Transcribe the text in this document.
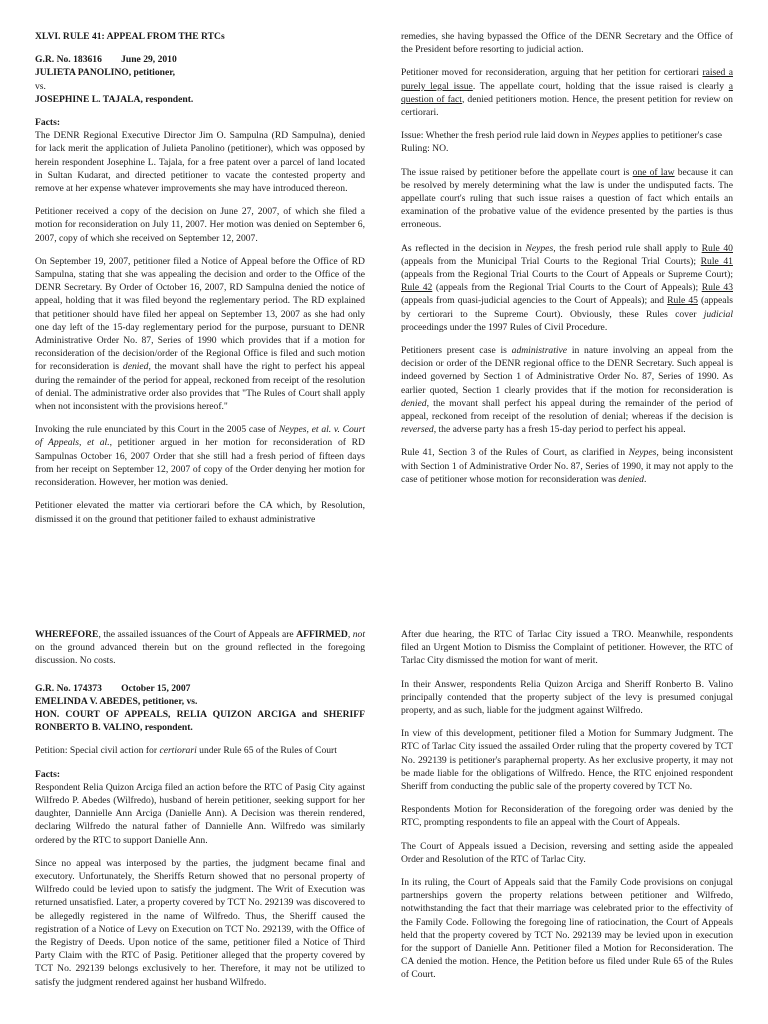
XLVI. RULE 41: APPEAL FROM THE RTCs

G.R. No. 183616 June 29, 2010

JULIETA PANOLINO, petitioner,

vs.

JOSEPHINE L. TAJALA, respondent.

Facts:

The DENR Regional Executive Director Jim O. Sampulna (RD Sampulna), denied for lack merit the application of Julieta Panolino (petitioner), which was opposed by herein respondent Josephine L. Tajala, for a free patent over a parcel of land located in Sultan Kudarat, and directed petitioner to vacate the contested property and remove at her expense whatever improvements she may have introduced thereon.

Petitioner received a copy of the decision on June 27, 2007, of which she filed a motion for reconsideration on July 11, 2007. Her motion was denied on September 6, 2007, copy of which she received on September 12, 2007.

On September 19, 2007, petitioner filed a Notice of Appeal before the Office of RD Sampulna, stating that she was appealing the decision and order to the Office of the DENR Secretary. By Order of October 16, 2007, RD Sampulna denied the notice of appeal, holding that it was filed beyond the reglementary period. The RD explained that petitioner should have filed her appeal on September 13, 2007 as she had only one day left of the 15-day reglementary period for the purpose, pursuant to DENR Administrative Order No. 87, Series of 1990 which provides that if a motion for reconsideration of the decision/order of the Regional Office is filed and such motion for reconsideration is denied, the movant shall have the right to perfect his appeal during the remainder of the period for appeal, reckoned from receipt of the resolution of denial. The administrative order also provides that "The Rules of Court shall apply when not inconsistent with the provisions hereof."

Invoking the rule enunciated by this Court in the 2005 case of Neypes, et al. v. Court of Appeals, et al., petitioner argued in her motion for reconsideration of RD Sampulnas October 16, 2007 Order that she still had a fresh period of fifteen days from her receipt on September 12, 2007 of copy of the Order denying her motion for reconsideration. However, her motion was denied.

Petitioner elevated the matter via certiorari before the CA which, by Resolution, dismissed it on the ground that petitioner failed to exhaust administrative

remedies, she having bypassed the Office of the DENR Secretary and the Office of the President before resorting to judicial action.

Petitioner moved for reconsideration, arguing that her petition for certiorari raised a purely legal issue. The appellate court, holding that the issue raised is clearly a question of fact, denied petitioners motion. Hence, the present petition for review on certiorari.

Issue: Whether the fresh period rule laid down in Neypes applies to petitioner's case

Ruling: NO.

The issue raised by petitioner before the appellate court is one of law because it can be resolved by merely determining what the law is under the undisputed facts. The appellate court's ruling that such issue raises a question of fact which entails an examination of the probative value of the evidence presented by the parties is thus erroneous.

As reflected in the decision in Neypes, the fresh period rule shall apply to Rule 40 (appeals from the Municipal Trial Courts to the Regional Trial Courts); Rule 41 (appeals from the Regional Trial Courts to the Court of Appeals or Supreme Court); Rule 42 (appeals from the Regional Trial Courts to the Court of Appeals); Rule 43 (appeals from quasi-judicial agencies to the Court of Appeals); and Rule 45 (appeals by certiorari to the Supreme Court). Obviously, these Rules cover judicial proceedings under the 1997 Rules of Civil Procedure.

Petitioners present case is administrative in nature involving an appeal from the decision or order of the DENR regional office to the DENR Secretary. Such appeal is indeed governed by Section 1 of Administrative Order No. 87, Series of 1990. As earlier quoted, Section 1 clearly provides that if the motion for reconsideration is denied, the movant shall perfect his appeal during the remainder of the period of appeal, reckoned from receipt of the resolution of denial; whereas if the decision is reversed, the adverse party has a fresh 15-day period to perfect his appeal.

Rule 41, Section 3 of the Rules of Court, as clarified in Neypes, being inconsistent with Section 1 of Administrative Order No. 87, Series of 1990, it may not apply to the case of petitioner whose motion for reconsideration was denied.

WHEREFORE, the assailed issuances of the Court of Appeals are AFFIRMED, not on the ground advanced therein but on the ground reflected in the foregoing discussion. No costs.

G.R. No. 174373 October 15, 2007

EMELINDA V. ABEDES, petitioner, vs.

HON. COURT OF APPEALS, RELIA QUIZON ARCIGA and SHERIFF RONBERTO B. VALINO, respondent.

Petition: Special civil action for certiorari under Rule 65 of the Rules of Court

Facts:

Respondent Relia Quizon Arciga filed an action before the RTC of Pasig City against Wilfredo P. Abedes (Wilfredo), husband of herein petitioner, seeking support for her daughter, Dannielle Ann Arciga (Danielle Ann). A Decision was therein rendered, declaring Wilfredo the natural father of Dannielle Ann. Wilfredo was similarly ordered by the RTC to support Danielle Ann.

Since no appeal was interposed by the parties, the judgment became final and executory. Unfortunately, the Sheriffs Return showed that no personal property of Wilfredo could be levied upon to satisfy the judgment. The Writ of Execution was returned unsatisfied. Later, a property covered by TCT No. 292139 was discovered to be allegedly registered in the name of Wilfredo. Thus, the Sheriff caused the registration of a Notice of Levy on Execution on TCT No. 292139, with the Office of the Registry of Deeds. Upon notice of the same, petitioner filed a Notice of Third Party Claim with the RTC of Pasig. Petitioner alleged that the property covered by TCT No. 292139 belongs exclusively to her. Therefore, it may not be utilized to satisfy the judgment rendered against her husband Wilfredo.

After due hearing, the RTC of Tarlac City issued a TRO. Meanwhile, respondents filed an Urgent Motion to Dismiss the Complaint of petitioner. However, the RTC of Tarlac City dismissed the motion for want of merit.

In their Answer, respondents Relia Quizon Arciga and Sheriff Ronberto B. Valino principally contended that the property subject of the levy is presumed conjugal property, and as such, liable for the judgment against Wilfredo.

In view of this development, petitioner filed a Motion for Summary Judgment. The RTC of Tarlac City issued the assailed Order ruling that the property covered by TCT No. 292139 is petitioner's paraphernal property. As her exclusive property, it may not be made liable for the obligations of Wilfredo. Hence, the RTC enjoined respondent Sheriff from conducting the public sale of the property covered by TCT No.

Respondents Motion for Reconsideration of the foregoing order was denied by the RTC, prompting respondents to file an appeal with the Court of Appeals.

The Court of Appeals issued a Decision, reversing and setting aside the appealed Order and Resolution of the RTC of Tarlac City.

In its ruling, the Court of Appeals said that the Family Code provisions on conjugal partnerships govern the property relations between petitioner and Wilfredo, notwithstanding the fact that their marriage was celebrated prior to the effectivity of the Family Code. Following the foregoing line of ratiocination, the Court of Appeals held that the property covered by TCT No. 292139 may be levied upon in execution for the support of Danielle Ann. Petitioner filed a Motion for Reconsideration. The CA denied the motion. Hence, the Petition before us filed under Rule 65 of the Rules of Court.
